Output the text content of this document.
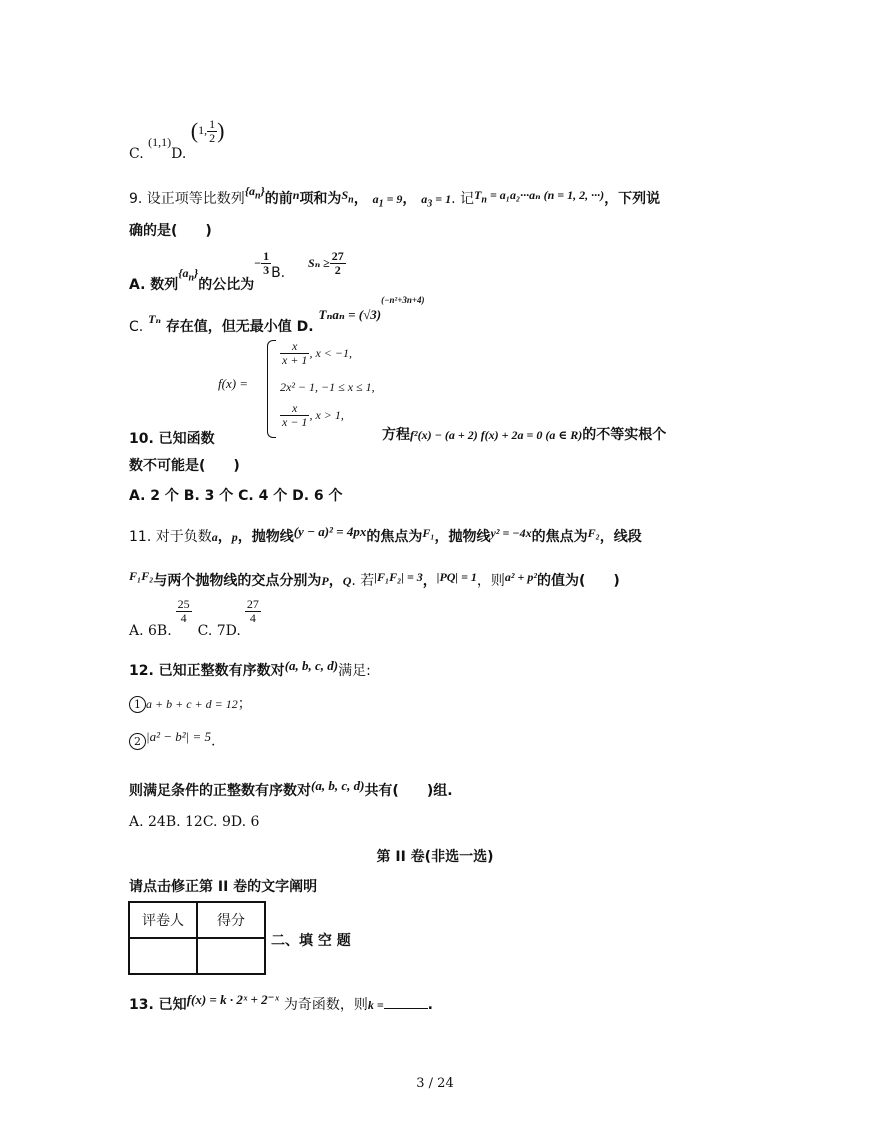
C. (1,1)D. (1, $\frac{1}{2}$ )
9. 设正项等比数列$\{a_n\}$的前n项和为$S_n$， $a_1 = 9$， $a_3 = 1$. 记$T_n = a_1a_2\cdot\cdot\cdot a_n$ (n = 1, 2, ···)，下列说
确的是(　　)
A. 数列$\{a_n\}$的公比为− $\frac{1}{3} B$. $S_n \ge \frac{27}{2}$
C. Tₙ 存在值，但无最小值 D. $T_na_n = (√3)^{(-n^2+3n+4)}$
f(x) =
$\frac{x}{x + 1}$ , x < −1,
2x² − 1, −1 ≤ x ≤ 1,
$\frac{x}{x - 1}$ , x > 1,
10. 已知函数	方程f²(x) − (a + 2) f(x) + 2a = 0 (a ∈ R)的不等实根个
数不可能是(　　)
A. 2 个 B. 3 个 C. 4 个 D. 6 个
11. 对于负数a，p，抛物线(y − a)² = 4px的焦点为F₁，抛物线y² = −4x的焦点为F₂，线段
F₁F₂与两个抛物线的交点分别为P，Q. 若|F₁F₂| = 3，|PQ| = 1，则a² + p²的值为(　　)
A. 6B.
$\frac{25}{4}$
C. 7D.
$\frac{27}{4}$
12. 已知正整数有序数对(a, b, c, d)满足:
1 a + b + c + d = 12；
2 |a² − b²| = 5.
则满足条件的正整数有序数对(a, b, c, d)共有(　　)组.
A. 24B. 12C. 9D. 6
第 II 卷(非选一选)
请点击修正第 II 卷的文字阐明
评卷人	得分

二、填 空 题
13. 已知f(x) = k · 2ˣ + 2⁻ˣ 为奇函数，则k =	.
3 / 24
